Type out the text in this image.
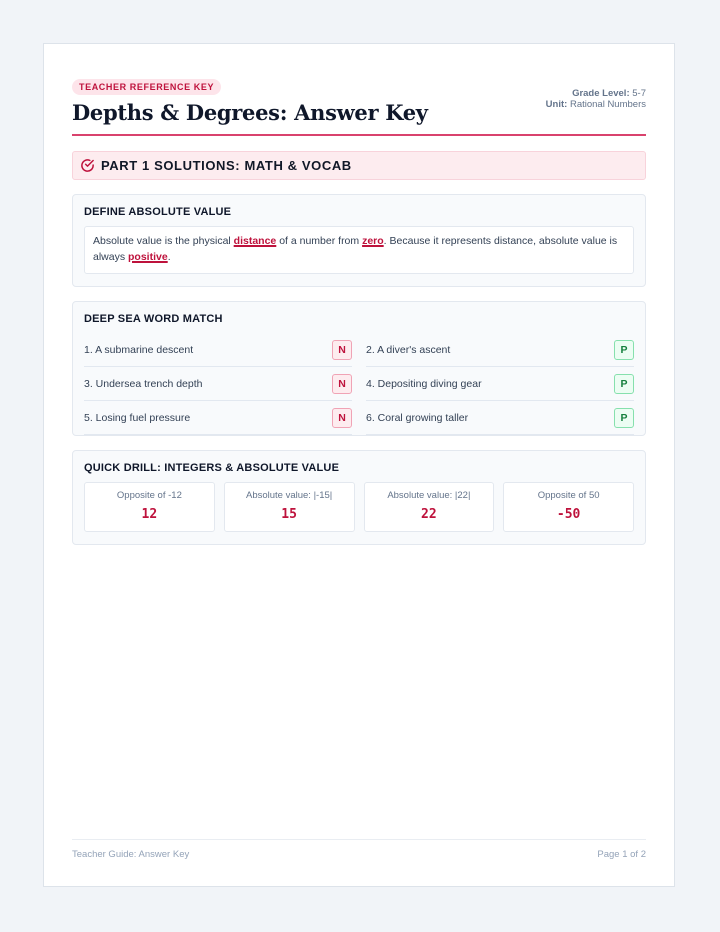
TEACHER REFERENCE KEY
Depths & Degrees: Answer Key
Grade Level: 5-7
Unit: Rational Numbers
PART 1 SOLUTIONS: MATH & VOCAB
DEFINE ABSOLUTE VALUE
Absolute value is the physical distance of a number from zero. Because it represents distance, absolute value is always positive.
DEEP SEA WORD MATCH
1. A submarine descent	N	2. A diver's ascent	P
3. Undersea trench depth	N	4. Depositing diving gear	P
5. Losing fuel pressure	N	6. Coral growing taller	P
QUICK DRILL: INTEGERS & ABSOLUTE VALUE
Opposite of -12
12
Absolute value: |-15|
15
Absolute value: |22|
22
Opposite of 50
-50
Teacher Guide: Answer Key	Page 1 of 2
